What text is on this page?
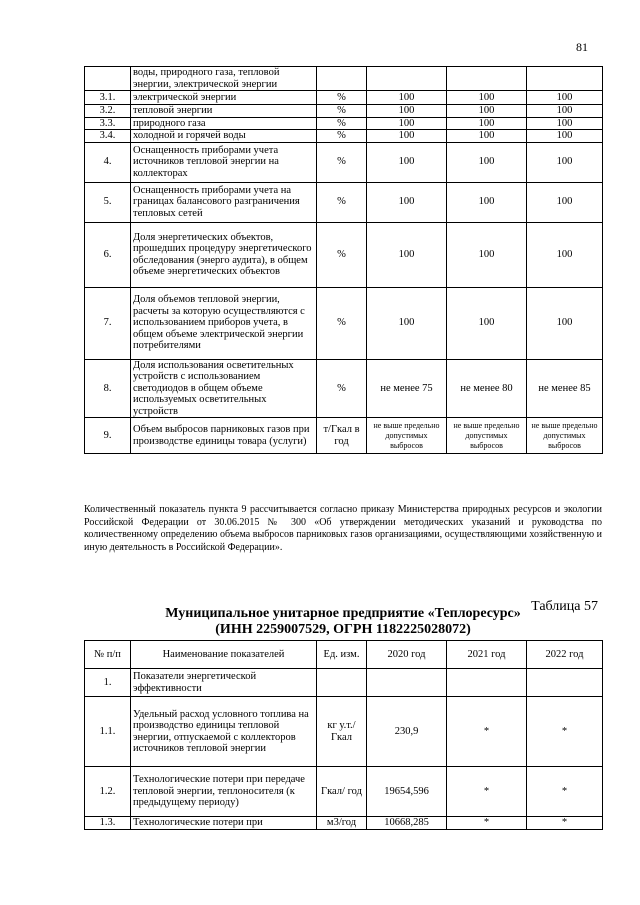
81
	воды, природного газа, тепловой энергии, электрической энергии				
3.1.	электрической энергии	%	100	100	100
3.2.	тепловой энергии	%	100	100	100
3.3.	природного газа	%	100	100	100
3.4.	холодной и горячей воды	%	100	100	100
4.	Оснащенность приборами учета источников тепловой энергии на коллекторах	%	100	100	100
5.	Оснащенность приборами учета на границах балансового разграничения тепловых сетей	%	100	100	100
6.	Доля энергетических объектов, прошедших процедуру энергетического обследования (энерго аудита), в общем объеме энергетических объектов	%	100	100	100
7.	Доля объемов тепловой энергии, расчеты за которую осуществляются с использованием приборов учета, в общем объеме электрической энергии потребителями	%	100	100	100
8.	Доля использования осветительных устройств с использованием светодиодов в общем объеме используемых осветительных устройств	%	не менее 75	не менее 80	не менее 85
9.	Объем выбросов парниковых газов при производстве единицы товара (услуги)	т/Гкал в год	не выше предельно допустимых выбросов	не выше предельно допустимых выбросов	не выше предельно допустимых выбросов
Количественный показатель пункта 9 рассчитывается согласно приказу Министерства природных ресурсов и экологии Российской Федерации от 30.06.2015 № 300 «Об утверждении методических указаний и руководства по количественному определению объема выбросов парниковых газов организациями, осуществляющими хозяйственную и иную деятельность в Российской Федерации».
Таблица 57
Муниципальное унитарное предприятие «Теплоресурс»
(ИНН 2259007529, ОГРН 1182225028072)
№ п/п	Наименование показателей	Ед. изм.	2020 год	2021 год	2022 год
1.	Показатели энергетической эффективности				
1.1.	Удельный расход условного топлива на производство единицы тепловой энергии, отпускаемой с коллекторов источников тепловой энергии	кг у.т./ Гкал	230,9	*	*
1.2.	Технологические потери при передаче тепловой энергии, теплоносителя (к предыдущему периоду)	Гкал/ год	19654,596	*	*
1.3.	Технологические потери при	м3/год	10668,285	*	*
